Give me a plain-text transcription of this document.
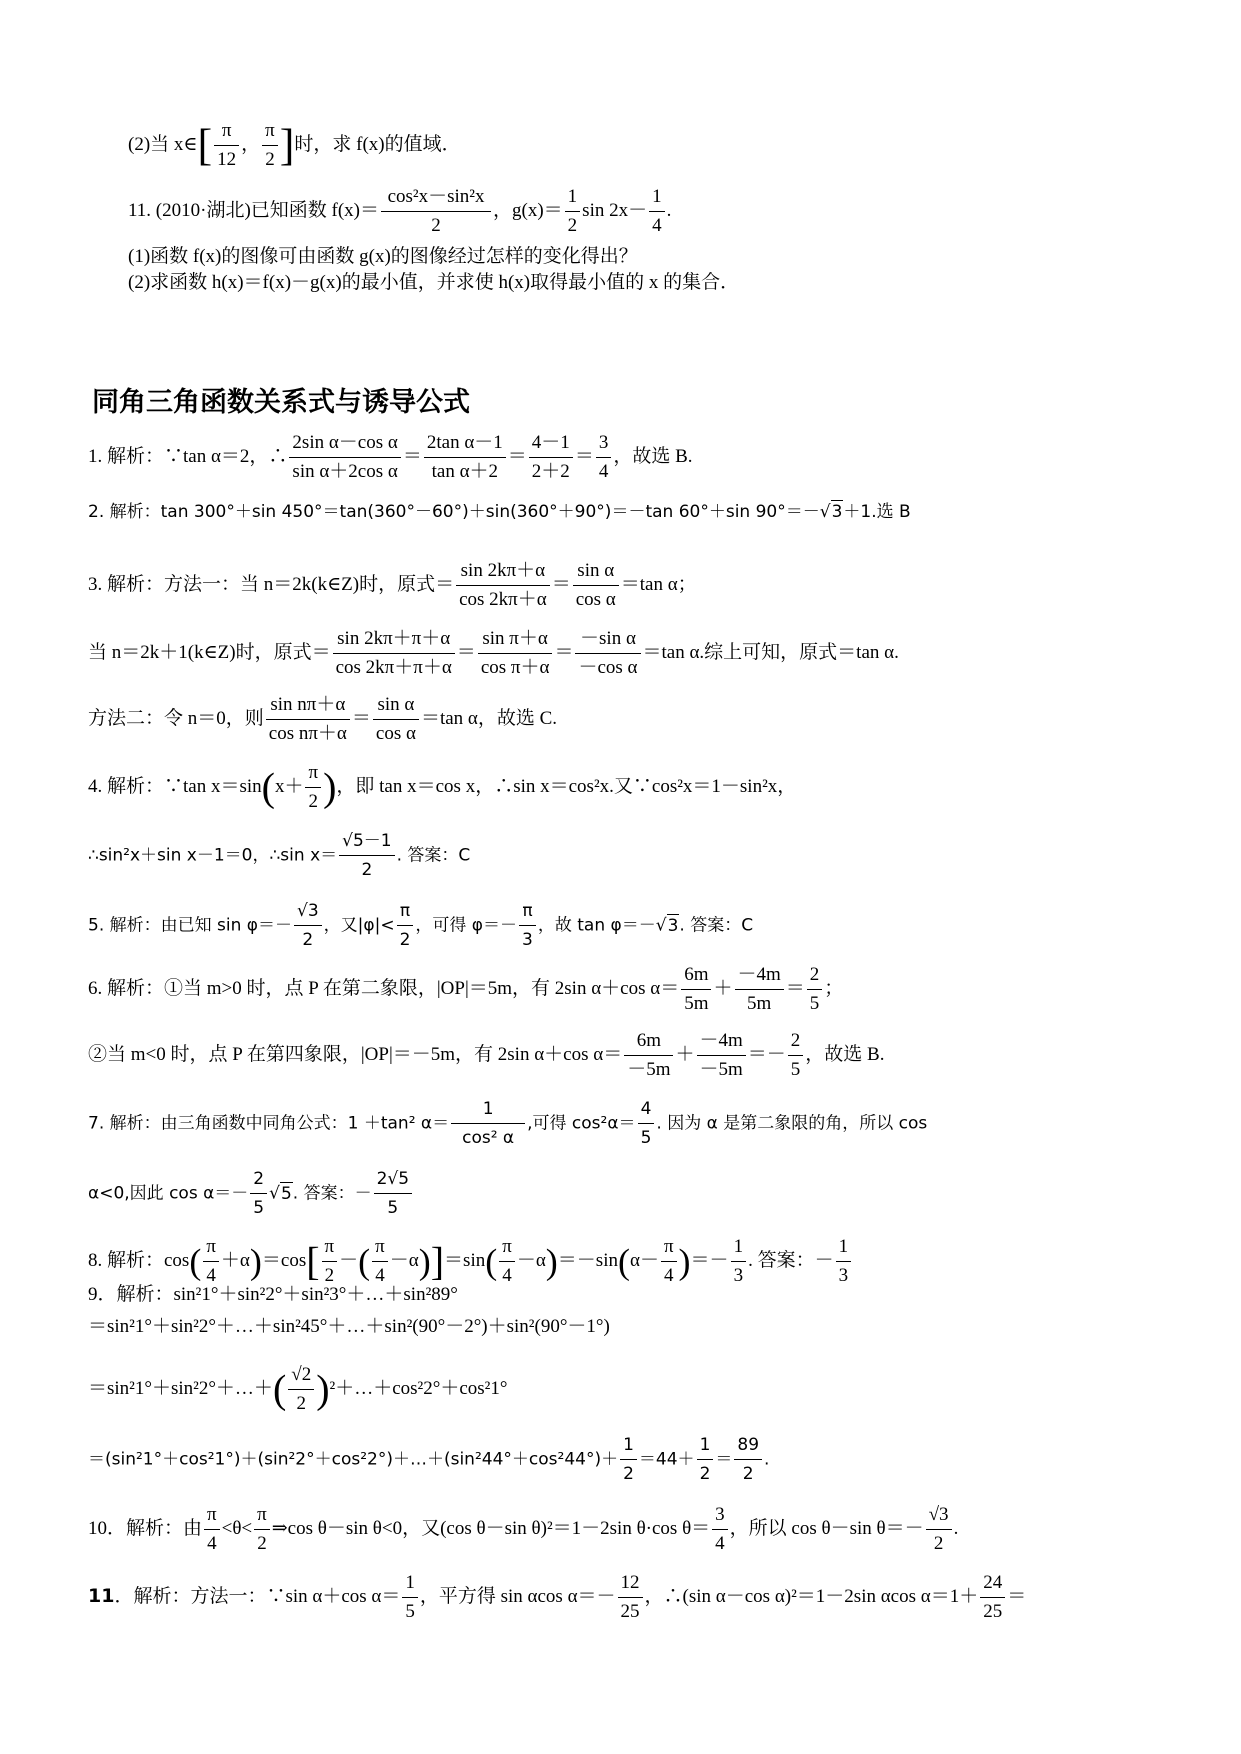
(2)当 x∈[ $\frac{\pi}{12}$ ， $\frac{\pi}{2}$ ]时，求 f(x)的值域．
11. (2010·湖北)已知函数 $f(x)= \frac{\text{cos²x－sin²x}}{2}$ ，$g(x)= \frac{1}{2}$ $\sin 2x- \frac{1}{4}$ .
(1)函数 f(x)的图像可由函数 g(x)的图像经过怎样的变化得出？
(2)求函数 h(x)＝f(x)－g(x)的最小值，并求使 h(x)取得最小值的 x 的集合．
同角三角函数关系式与诱导公式
1. 解析：∵tan α＝2，∴ $\frac{\text{2sin α－cos α}}{\text{sin α＋2cos α}} = \frac{\text{2tan α－1}}{\text{tan α＋2}} = \frac{4-1}{2+2} = \frac{3}{4}$ ，故选 B.
2. 解析：tan 300°＋sin 450°＝tan(360°－60°)＋sin(360°＋90°)＝－tan 60°＋sin 90°＝－√3＋1.选 B
3. 解析：方法一：当 n＝2k(k∈Z)时，原式＝ $\frac{\sin 2k\pi+\alpha}{\cos 2k\pi+\alpha} = \frac{\text{sin α}}{\text{cos α}} =\tan$ α；
当 n＝2k＋1(k∈Z)时，原式＝ $\frac{\sin 2k\pi+\pi+\alpha}{\cos 2k\pi+\pi+\alpha} = \frac{\text{sin π＋α}}{\text{cos π＋α}} = \frac{\text{－sin α}}{\text{－cos α}} =\tan$ α.综上可知，原式＝tan α.
方法二：令 n＝0，则 $\frac{\text{sin nπ＋α}}{\text{cos nπ＋α}} = \frac{\text{sin α}}{\text{cos α}} =\tan$ α，故选 C.
4. 解析：∵tan $x=\sin(x+ \frac{\pi}{2}$ )，即 tan x＝cos x，∴sin x＝cos²x.又∵cos²x＝1－sin²x，
∴sin²x＋sin x－1＝0，∴sin $x= \frac{√5-1}{2}$ . 答案：C
5. 解析：由已知 $\sin \varphi=- \frac{√3}{2}$ ，又$|\varphi|< \frac{\pi}{2}$ ，可得 $\varphi=- \frac{\pi}{3}$ ，故 tan φ＝－√3. 答案：C
6. 解析：①当 m>0 时，点 P 在第二象限，|OP|＝5m，有 2sin α＋cos $\alpha= \frac{6m}{5m} + \frac{-4m}{5m} = \frac{2}{5}$ ；
②当 m<0 时，点 P 在第四象限，|OP|＝－5m，有 2sin α＋cos $\alpha= \frac{6m}{-5m} + \frac{-4m}{-5m} =- \frac{2}{5}$ ，故选 B.
7. 解析：由三角函数中同角公式：1 ＋tan² $\alpha= \frac{1}{\text{cos² α}}$ ,可得 $\cos^2\alpha= \frac{4}{5}$ . 因为 α 是第二象限的角，所以 cos
α<0,因此 $\cos \alpha=- \frac{2}{5} √5$. 答案：－ $\frac{2√5}{5}$
8. 解析：$\cos( \frac{\pi}{4} +\alpha)=\cos[ \frac{\pi}{2}$ －( $\frac{\pi}{4} -\alpha)]=\sin( \frac{\pi}{4} -\alpha)=-\sin(\alpha- \frac{\pi}{4}$ )＝－ $\frac{1}{3}$ . 答案：－ $\frac{1}{3}$
9．解析：sin²1°＋sin²2°＋sin²3°＋…＋sin²89°
＝sin²1°＋sin²2°＋…＋sin²45°＋…＋sin²(90°－2°)＋sin²(90°－1°)
＝sin²1°＋sin²2°＋…＋( $\frac{√2}{2}$ )²＋…＋cos²2°＋cos²1°
＝(sin²1°＋cos²1°)＋(sin²2°＋cos²2°)＋…＋(sin²44°＋cos²44°)＋ $\frac{1}{2} =44+ \frac{1}{2} = \frac{89}{2}$ .
10．解析：由 $\frac{\pi}{4} <\theta< \frac{\pi}{2}$ ⇒cos θ－sin θ<0，又(cos θ－sin θ)²＝1－2sin θ·cos $\theta= \frac{3}{4}$ ，所以 cos θ－sin $\theta=- \frac{√3}{2}$ .
11．解析：方法一：∵sin α＋cos $\alpha= \frac{1}{5}$ ，平方得 sin αcos $\alpha=- \frac{12}{25}$ ，∴(sin α－cos α)²＝1－2sin αcos $\alpha=1+ \frac{24}{25}$ ＝
